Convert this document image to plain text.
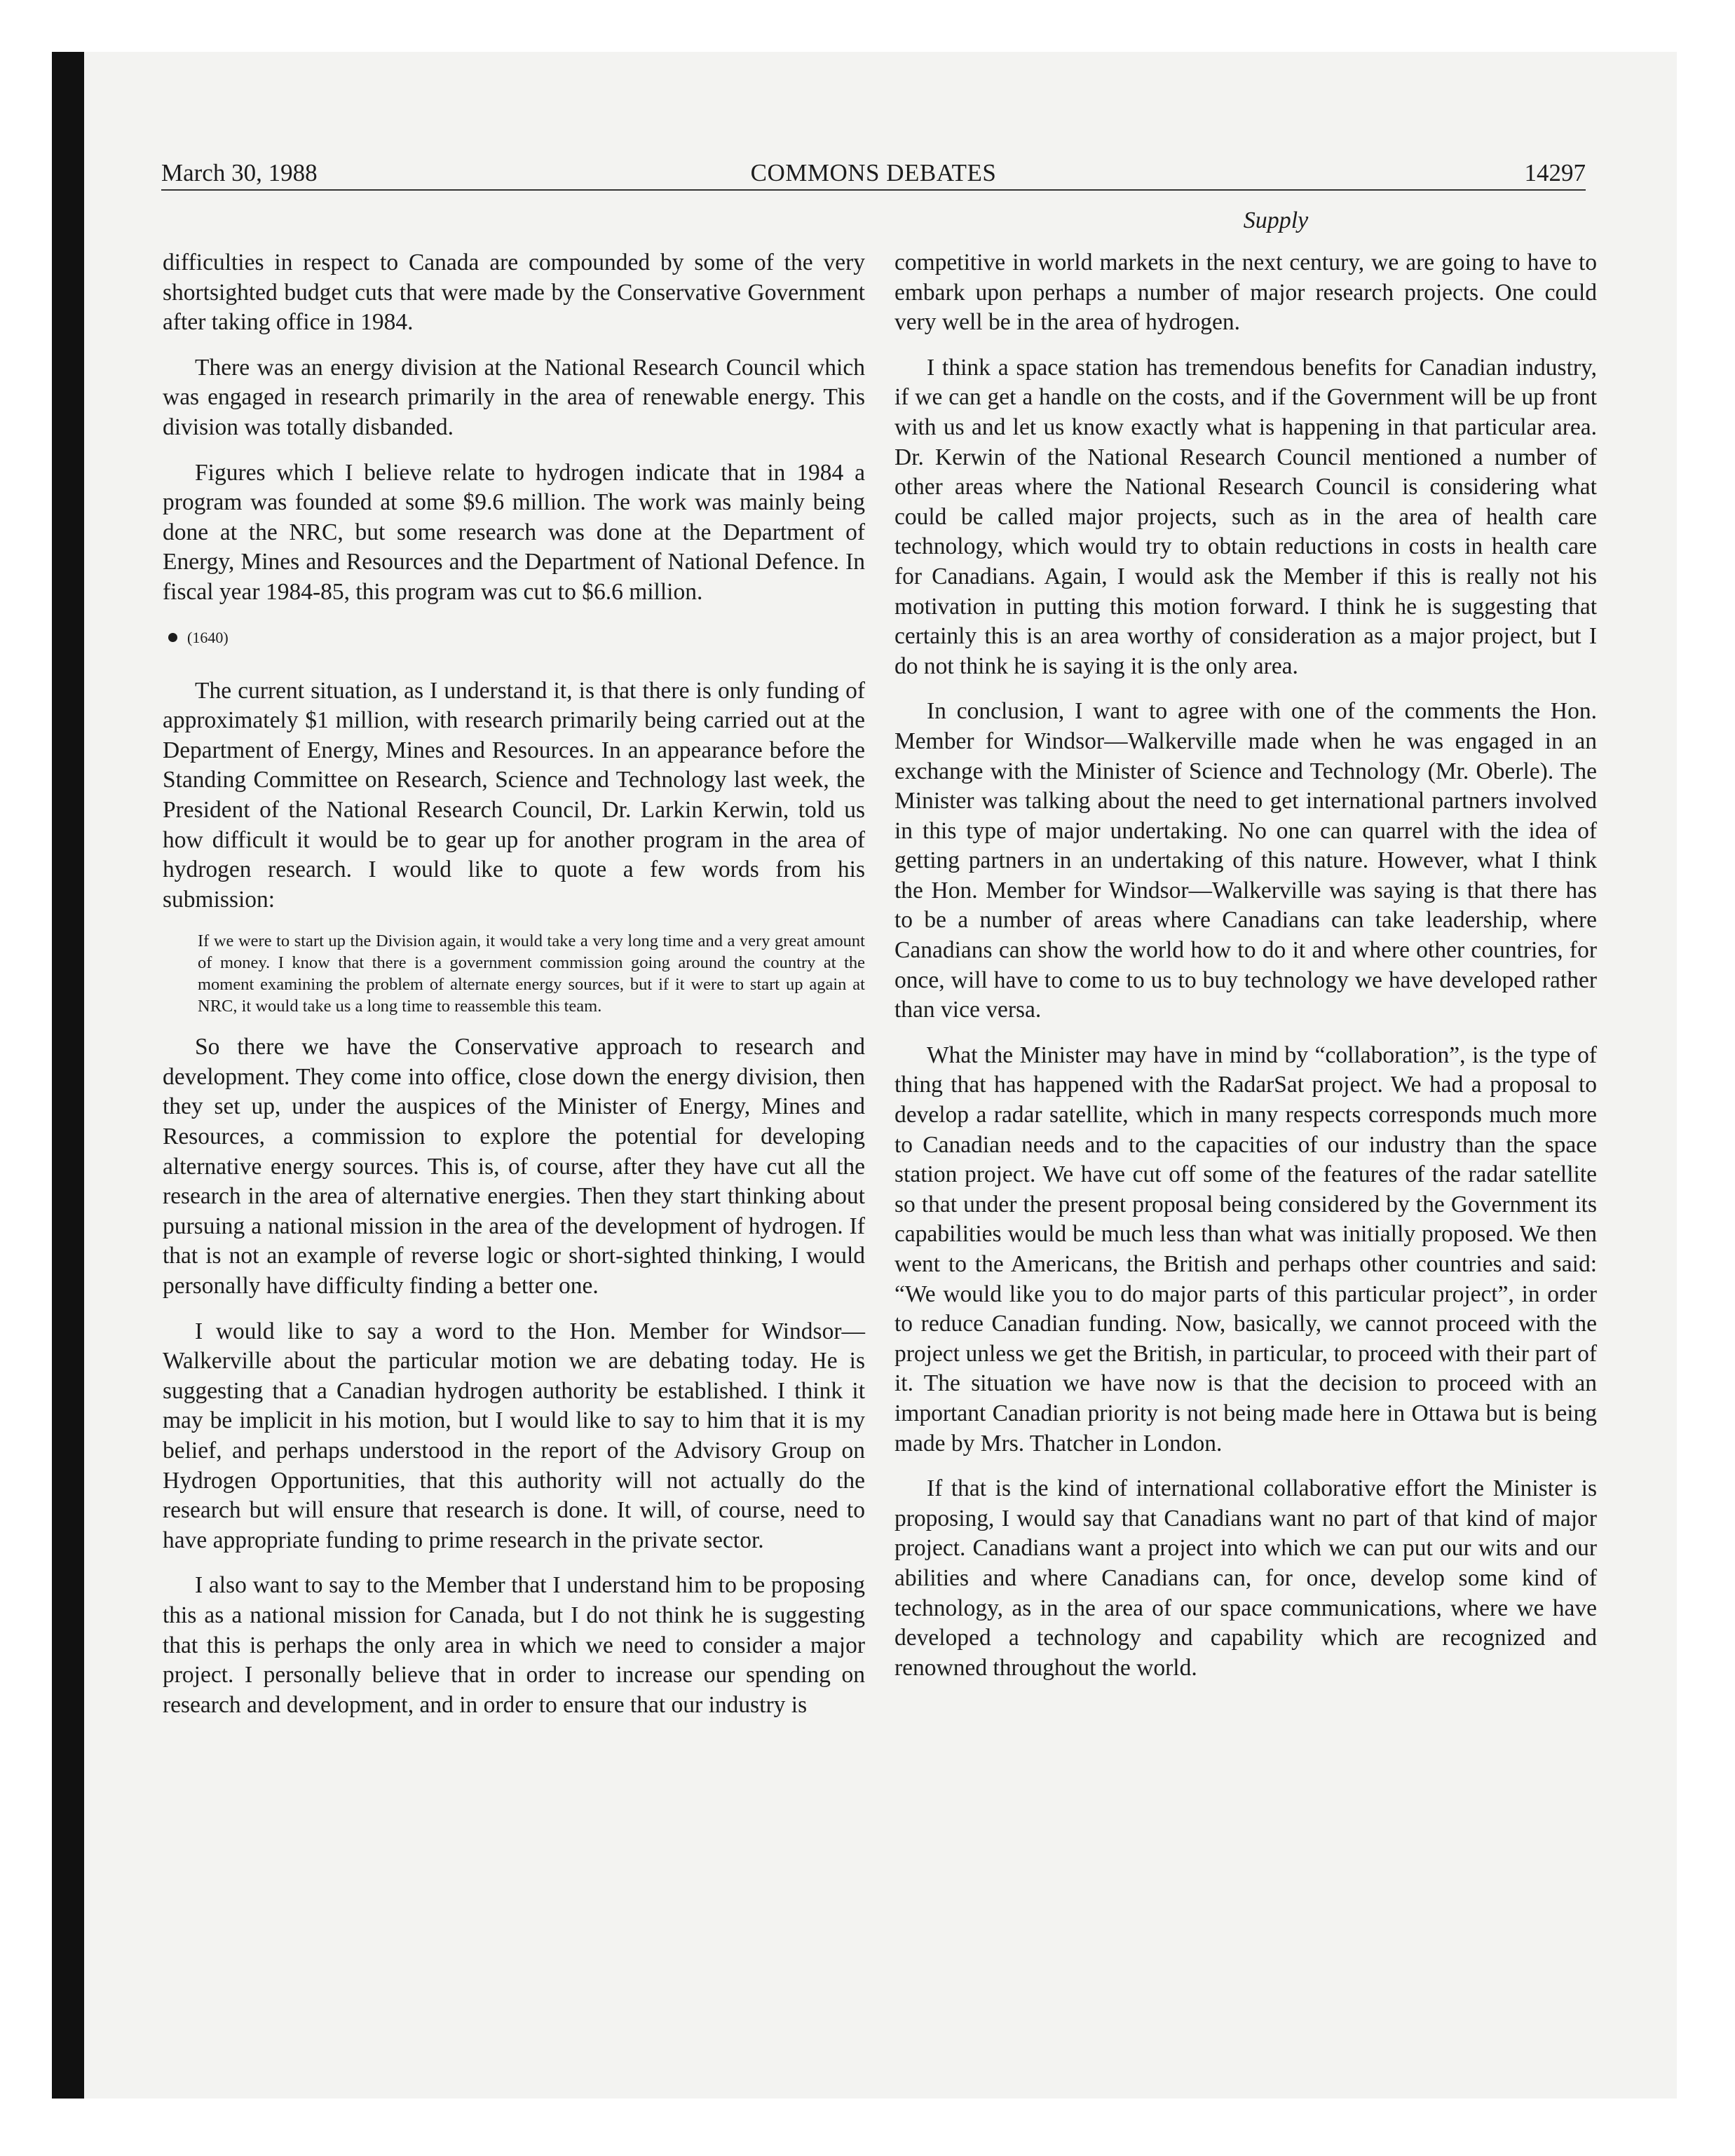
March 30, 1988	COMMONS DEBATES	14297
Supply

difficulties in respect to Canada are compounded by some of the very shortsighted budget cuts that were made by the Conservative Government after taking office in 1984.

There was an energy division at the National Research Council which was engaged in research primarily in the area of renewable energy. This division was totally disbanded.

Figures which I believe relate to hydrogen indicate that in 1984 a program was founded at some $9.6 million. The work was mainly being done at the NRC, but some research was done at the Department of Energy, Mines and Resources and the Department of National Defence. In fiscal year 1984-85, this program was cut to $6.6 million.

(1640)

The current situation, as I understand it, is that there is only funding of approximately $1 million, with research primarily being carried out at the Department of Energy, Mines and Resources. In an appearance before the Standing Committee on Research, Science and Technology last week, the President of the National Research Council, Dr. Larkin Kerwin, told us how difficult it would be to gear up for another program in the area of hydrogen research. I would like to quote a few words from his submission:

If we were to start up the Division again, it would take a very long time and a very great amount of money. I know that there is a government commission going around the country at the moment examining the problem of alternate energy sources, but if it were to start up again at NRC, it would take us a long time to reassemble this team.

So there we have the Conservative approach to research and development. They come into office, close down the energy division, then they set up, under the auspices of the Minister of Energy, Mines and Resources, a commission to explore the potential for developing alternative energy sources. This is, of course, after they have cut all the research in the area of alternative energies. Then they start thinking about pursuing a national mission in the area of the development of hydrogen. If that is not an example of reverse logic or short-sighted thinking, I would personally have difficulty finding a better one.

I would like to say a word to the Hon. Member for Windsor—Walkerville about the particular motion we are debating today. He is suggesting that a Canadian hydrogen authority be established. I think it may be implicit in his motion, but I would like to say to him that it is my belief, and perhaps understood in the report of the Advisory Group on Hydrogen Opportunities, that this authority will not actually do the research but will ensure that research is done. It will, of course, need to have appropriate funding to prime research in the private sector.

I also want to say to the Member that I understand him to be proposing this as a national mission for Canada, but I do not think he is suggesting that this is perhaps the only area in which we need to consider a major project. I personally believe that in order to increase our spending on research and development, and in order to ensure that our industry is

competitive in world markets in the next century, we are going to have to embark upon perhaps a number of major research projects. One could very well be in the area of hydrogen.

I think a space station has tremendous benefits for Canadian industry, if we can get a handle on the costs, and if the Government will be up front with us and let us know exactly what is happening in that particular area. Dr. Kerwin of the National Research Council mentioned a number of other areas where the National Research Council is considering what could be called major projects, such as in the area of health care technology, which would try to obtain reductions in costs in health care for Canadians. Again, I would ask the Member if this is really not his motivation in putting this motion forward. I think he is suggesting that certainly this is an area worthy of consideration as a major project, but I do not think he is saying it is the only area.

In conclusion, I want to agree with one of the comments the Hon. Member for Windsor—Walkerville made when he was engaged in an exchange with the Minister of Science and Technology (Mr. Oberle). The Minister was talking about the need to get international partners involved in this type of major undertaking. No one can quarrel with the idea of getting partners in an undertaking of this nature. However, what I think the Hon. Member for Windsor—Walkerville was saying is that there has to be a number of areas where Canadians can take leadership, where Canadians can show the world how to do it and where other countries, for once, will have to come to us to buy technology we have developed rather than vice versa.

What the Minister may have in mind by “collaboration”, is the type of thing that has happened with the RadarSat project. We had a proposal to develop a radar satellite, which in many respects corresponds much more to Canadian needs and to the capacities of our industry than the space station project. We have cut off some of the features of the radar satellite so that under the present proposal being considered by the Government its capabilities would be much less than what was initially proposed. We then went to the Americans, the British and perhaps other countries and said: “We would like you to do major parts of this particular project”, in order to reduce Canadian funding. Now, basically, we cannot proceed with the project unless we get the British, in particular, to proceed with their part of it. The situation we have now is that the decision to proceed with an important Canadian priority is not being made here in Ottawa but is being made by Mrs. Thatcher in London.

If that is the kind of international collaborative effort the Minister is proposing, I would say that Canadians want no part of that kind of major project. Canadians want a project into which we can put our wits and our abilities and where Canadians can, for once, develop some kind of technology, as in the area of our space communications, where we have developed a technology and capability which are recognized and renowned throughout the world.
